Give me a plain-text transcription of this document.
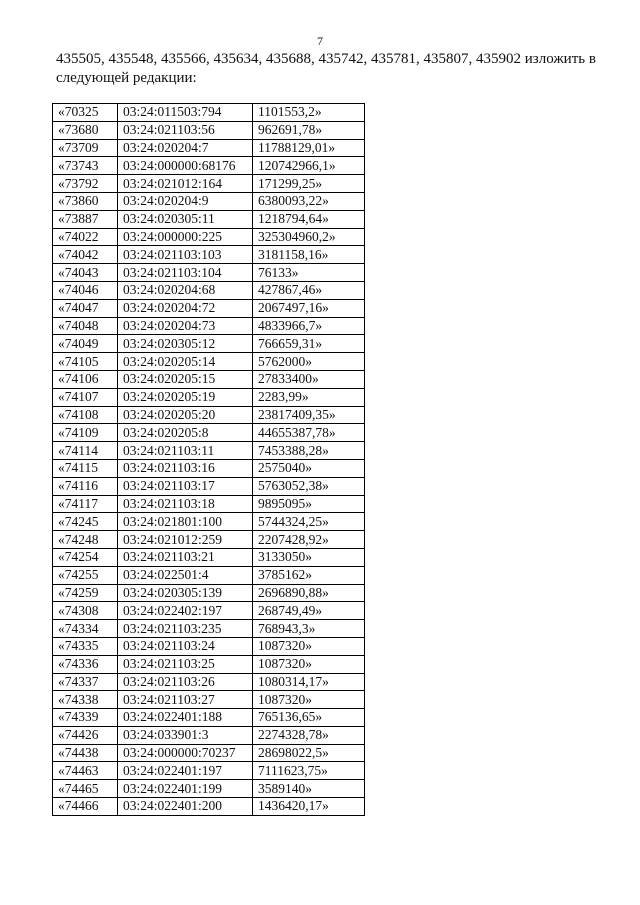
7
435505, 435548, 435566, 435634, 435688, 435742, 435781, 435807, 435902 изложить в
следующей редакции:
«70325	03:24:011503:794	1101553,2»
«73680	03:24:021103:56	962691,78»
«73709	03:24:020204:7	11788129,01»
«73743	03:24:000000:68176	120742966,1»
«73792	03:24:021012:164	171299,25»
«73860	03:24:020204:9	6380093,22»
«73887	03:24:020305:11	1218794,64»
«74022	03:24:000000:225	325304960,2»
«74042	03:24:021103:103	3181158,16»
«74043	03:24:021103:104	76133»
«74046	03:24:020204:68	427867,46»
«74047	03:24:020204:72	2067497,16»
«74048	03:24:020204:73	4833966,7»
«74049	03:24:020305:12	766659,31»
«74105	03:24:020205:14	5762000»
«74106	03:24:020205:15	27833400»
«74107	03:24:020205:19	2283,99»
«74108	03:24:020205:20	23817409,35»
«74109	03:24:020205:8	44655387,78»
«74114	03:24:021103:11	7453388,28»
«74115	03:24:021103:16	2575040»
«74116	03:24:021103:17	5763052,38»
«74117	03:24:021103:18	9895095»
«74245	03:24:021801:100	5744324,25»
«74248	03:24:021012:259	2207428,92»
«74254	03:24:021103:21	3133050»
«74255	03:24:022501:4	3785162»
«74259	03:24:020305:139	2696890,88»
«74308	03:24:022402:197	268749,49»
«74334	03:24:021103:235	768943,3»
«74335	03:24:021103:24	1087320»
«74336	03:24:021103:25	1087320»
«74337	03:24:021103:26	1080314,17»
«74338	03:24:021103:27	1087320»
«74339	03:24:022401:188	765136,65»
«74426	03:24:033901:3	2274328,78»
«74438	03:24:000000:70237	28698022,5»
«74463	03:24:022401:197	7111623,75»
«74465	03:24:022401:199	3589140»
«74466	03:24:022401:200	1436420,17»
